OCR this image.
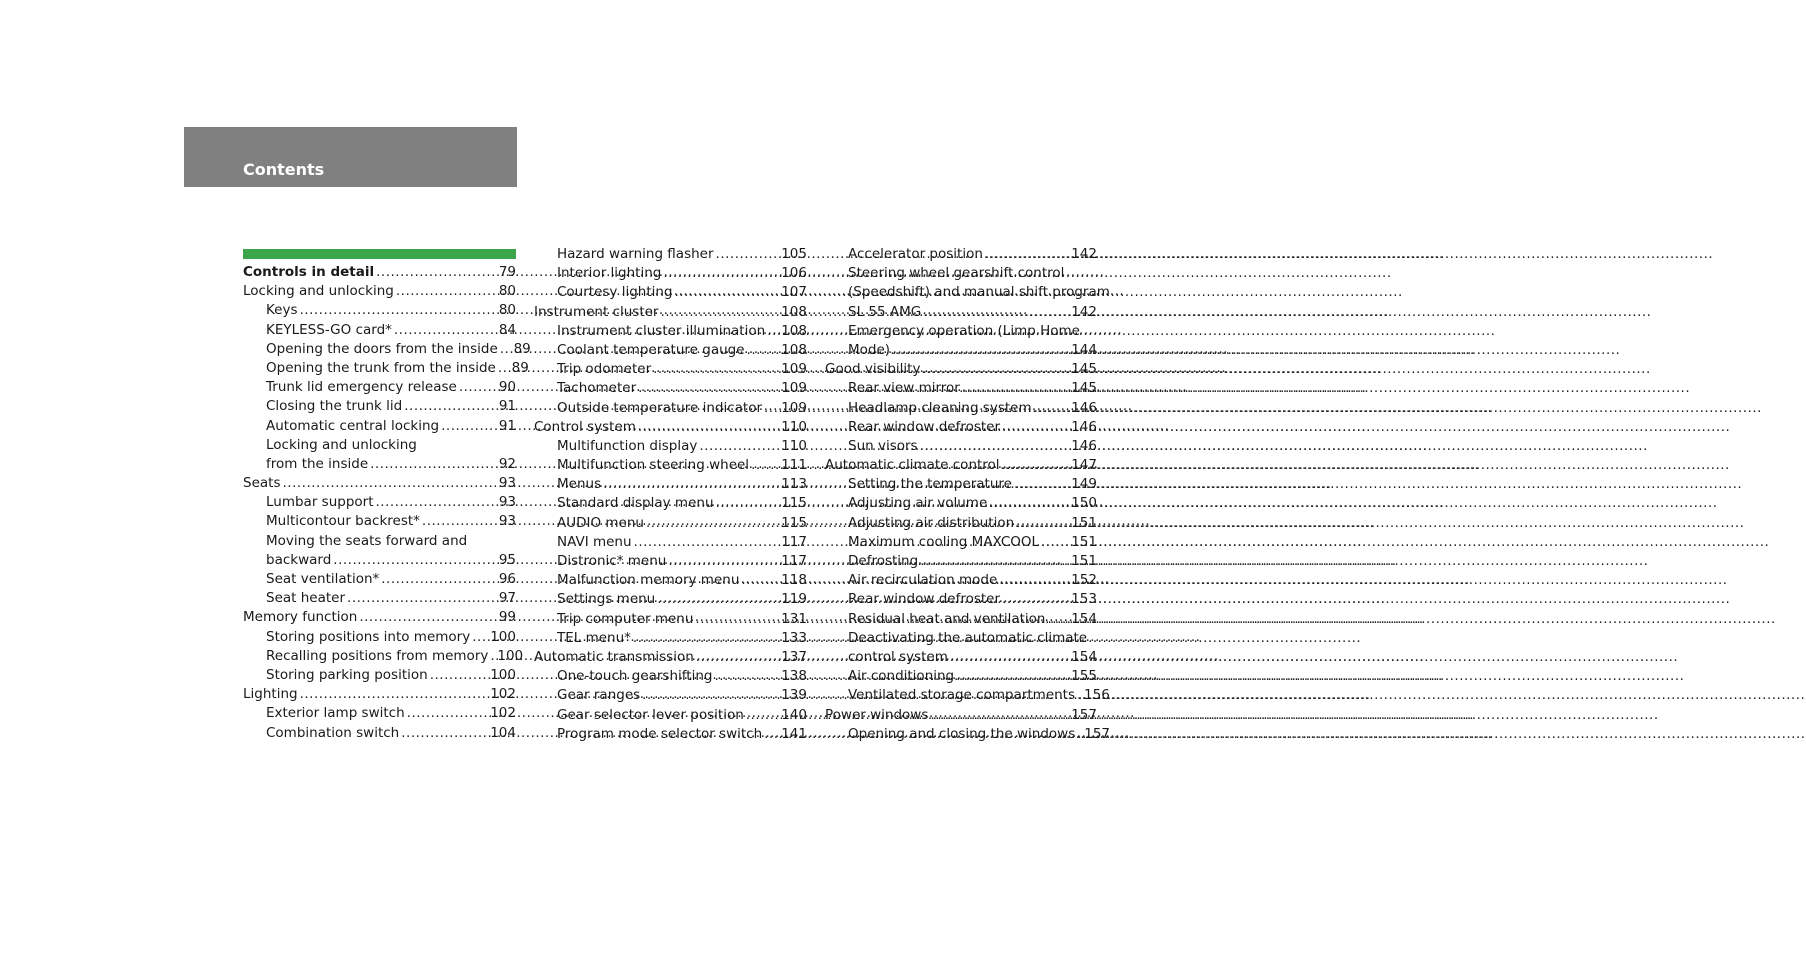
Contents
Controls in detail .....	79
Locking and unlocking .....	80
Keys .....	80
KEYLESS-GO card* .....	84
Opening the doors from the inside .....	89
Opening the trunk from the inside .....	89
Trunk lid emergency release .....	90
Closing the trunk lid .....	91
Automatic central locking .....	91
Locking and unlocking
from the inside .....	92
Seats .....	93
Lumbar support .....	93
Multicontour backrest* .....	93
Moving the seats forward and
backward .....	95
Seat ventilation* .....	96
Seat heater .....	97
Memory function .....	99
Storing positions into memory ..... 100
Recalling positions from memory ..... 100
Storing parking position .....	100
Lighting .....	102
Exterior lamp switch .....	102
Combination switch .....	104
Hazard warning flasher .....	105
Interior lighting .....	106
Courtesy lighting .....	107
Instrument cluster .....	108
Instrument cluster illumination ..... 108
Coolant temperature gauge .....	108
Trip odometer .....	109
Tachometer .....	109
Outside temperature indicator ..... 109
Control system .....	110
Multifunction display .....	110
Multifunction steering wheel ..... 111
Menus .....	113
Standard display menu .....	115
AUDIO menu .....	115
NAVI menu .....	117
Distronic* menu .....	117
Malfunction memory menu .....	118
Settings menu .....	119
Trip computer menu .....	131
TEL menu* .....	133
Automatic transmission .....	137
One-touch gearshifting .....	138
Gear ranges .....	139
Gear selector lever position .....	140
Program mode selector switch ..... 141
Accelerator position .....	142
Steering wheel gearshift control
(Speedshift) and manual shift program
SL 55 AMG .....	142
Emergency operation (Limp Home
Mode) .....	144
Good visibility .....	145
Rear view mirror .....	145
Headlamp cleaning system .....	146
Rear window defroster .....	146
Sun visors .....	146
Automatic climate control .....	147
Setting the temperature .....	149
Adjusting air volume .....	150
Adjusting air distribution .....	151
Maximum cooling MAXCOOL ..... 151
Defrosting .....	151
Air recirculation mode .....	152
Rear window defroster .....	153
Residual heat and ventilation ..... 154
Deactivating the automatic climate
control system .....	154
Air conditioning .....	155
Ventilated storage compartments ..... 156
Power windows .....	157
Opening and closing the windows ..... 157
